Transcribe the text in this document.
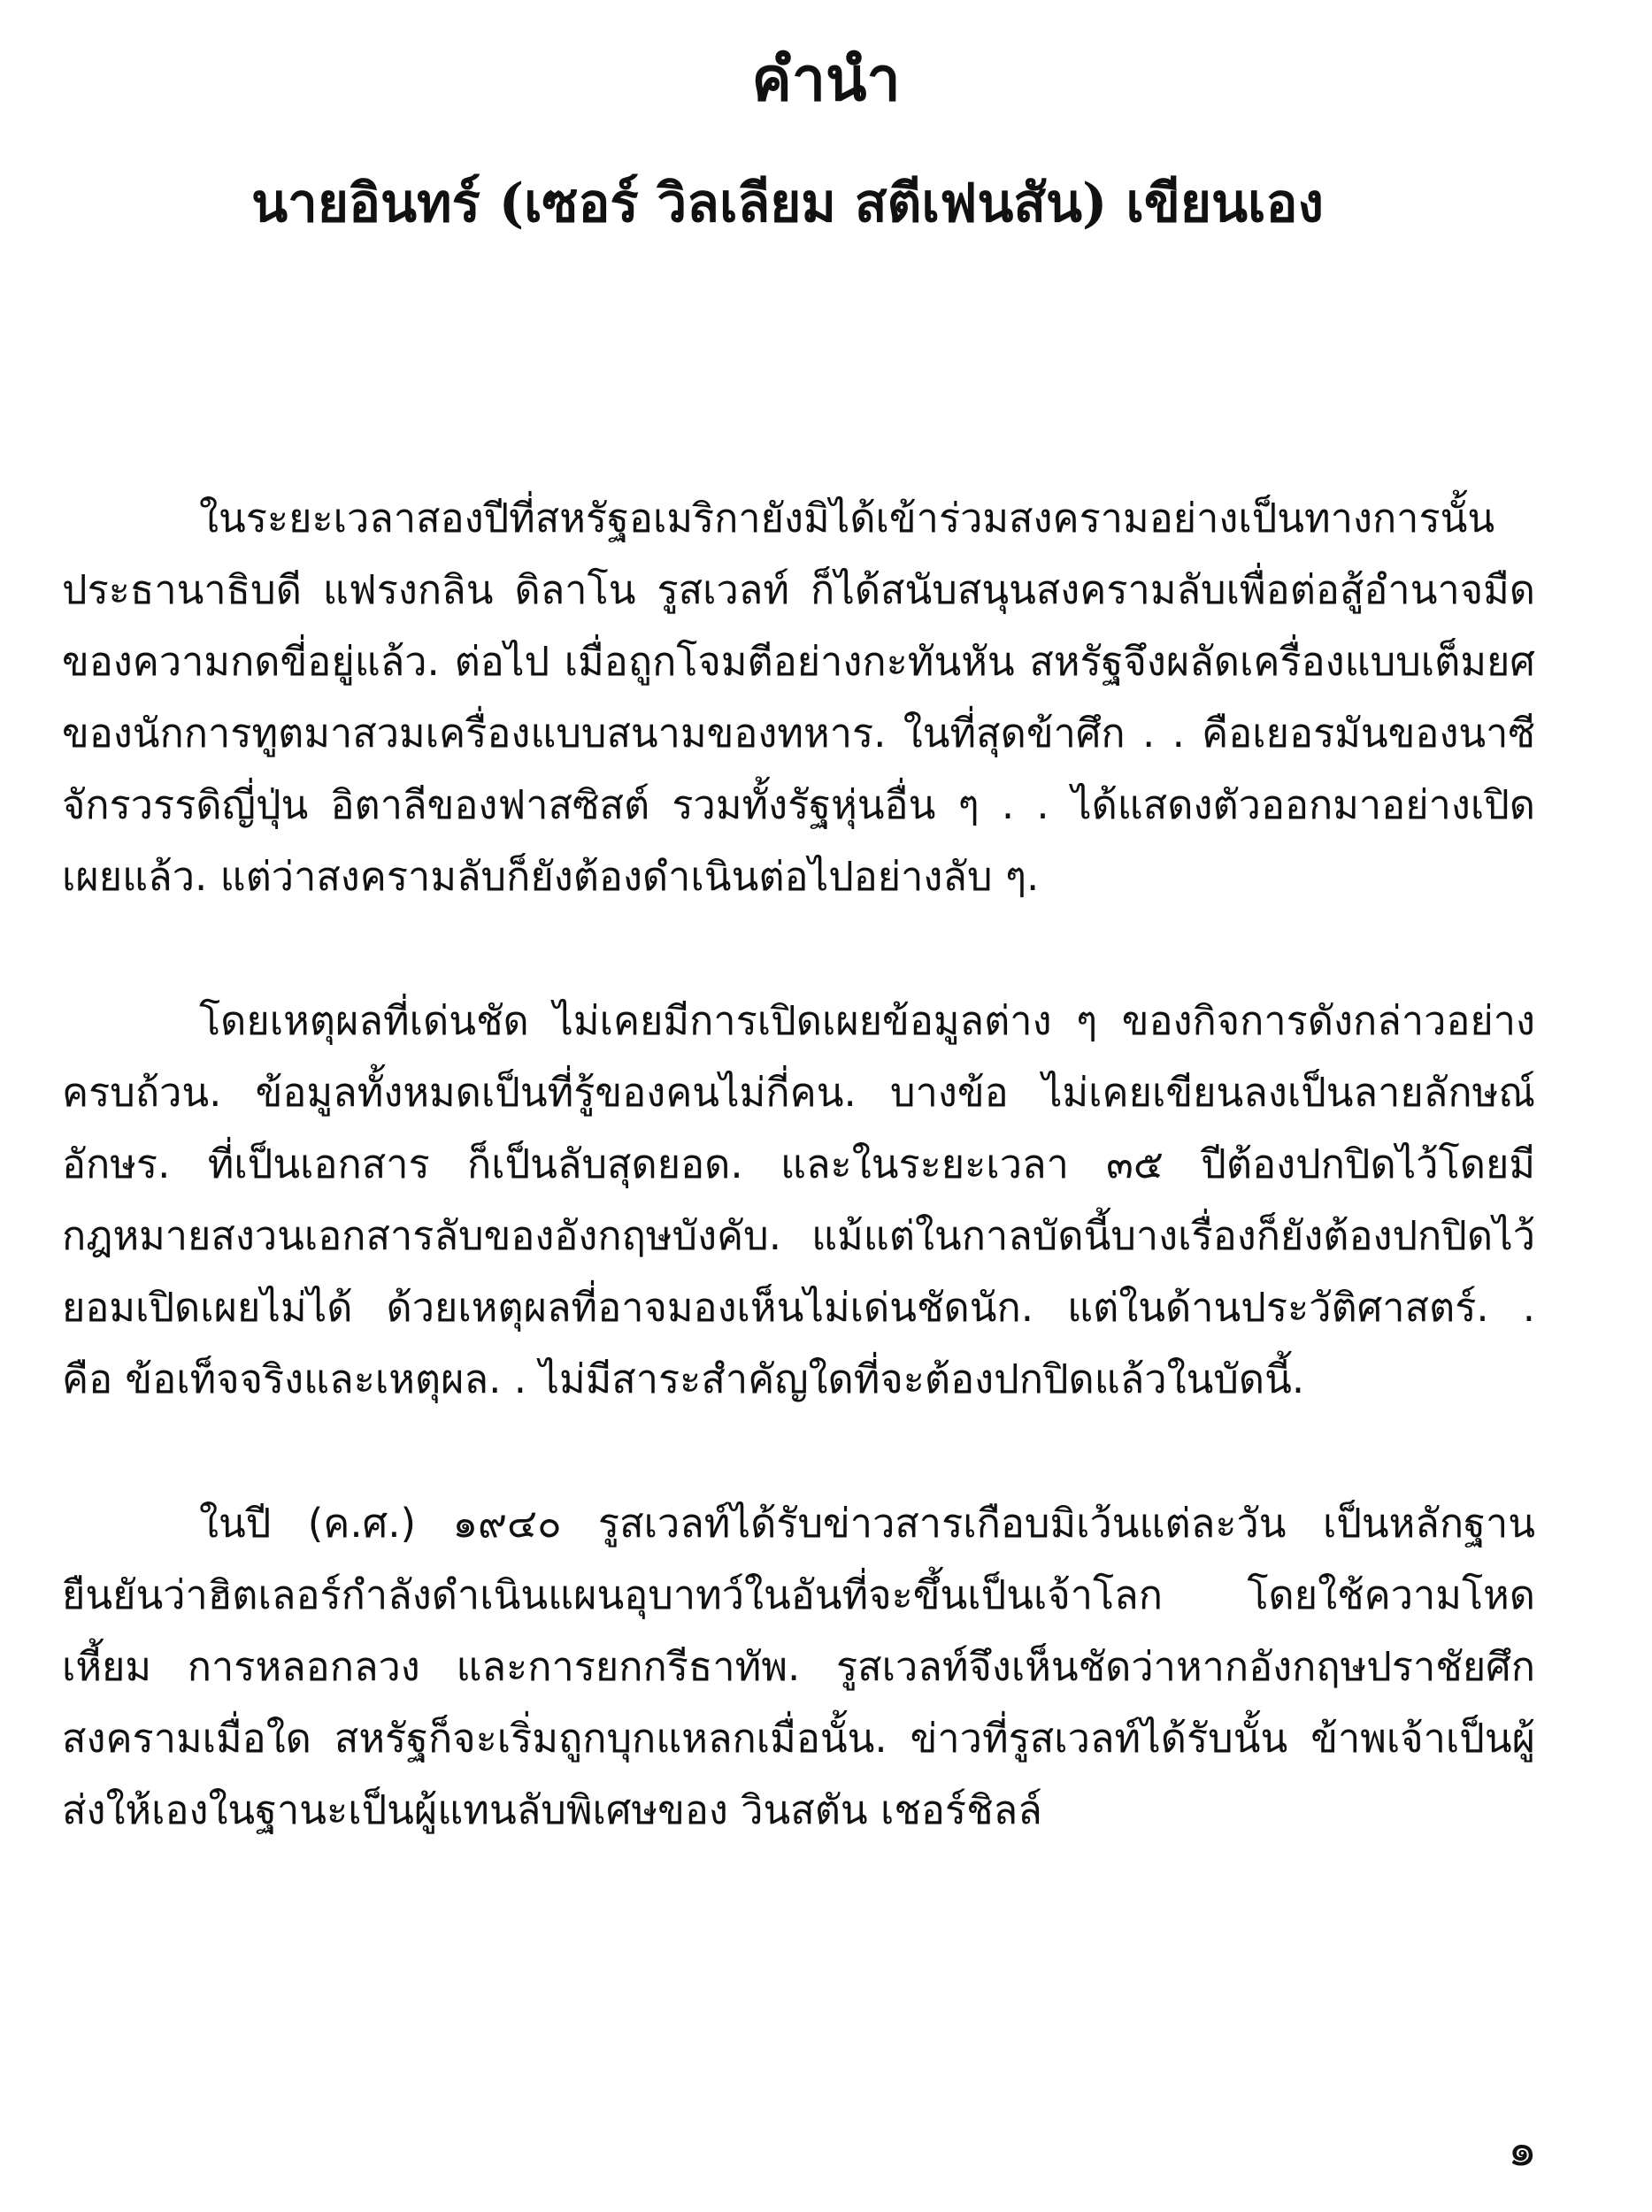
คำนำ
นายอินทร์ (เซอร์ วิลเลียม สตีเฟนสัน) เขียนเอง

ในระยะเวลาสองปีที่สหรัฐอเมริกายังมิได้เข้าร่วมสงครามอย่างเป็นทางการนั้น ประธานาธิบดี แฟรงกลิน ดิลาโน รูสเวลท์ ก็ได้สนับสนุนสงครามลับเพื่อต่อสู้อำนาจมืดของความกดขี่อยู่แล้ว. ต่อไป เมื่อถูกโจมตีอย่างกะทันหัน สหรัฐจึงผลัดเครื่องแบบเต็มยศของนักการทูตมาสวมเครื่องแบบสนามของทหาร. ในที่สุดข้าศึก . . คือเยอรมันของนาซี จักรวรรดิญี่ปุ่น อิตาลีของฟาสซิสต์ รวมทั้งรัฐหุ่นอื่น ๆ . . ได้แสดงตัวออกมาอย่างเปิดเผยแล้ว. แต่ว่าสงครามลับก็ยังต้องดำเนินต่อไปอย่างลับ ๆ.

โดยเหตุผลที่เด่นชัด ไม่เคยมีการเปิดเผยข้อมูลต่าง ๆ ของกิจการดังกล่าวอย่างครบถ้วน. ข้อมูลทั้งหมดเป็นที่รู้ของคนไม่กี่คน. บางข้อ ไม่เคยเขียนลงเป็นลายลักษณ์อักษร. ที่เป็นเอกสาร ก็เป็นลับสุดยอด. และในระยะเวลา ๓๕ ปีต้องปกปิดไว้โดยมีกฎหมายสงวนเอกสารลับของอังกฤษบังคับ. แม้แต่ในกาลบัดนี้บางเรื่องก็ยังต้องปกปิดไว้ ยอมเปิดเผยไม่ได้ ด้วยเหตุผลที่อาจมองเห็นไม่เด่นชัดนัก. แต่ในด้านประวัติศาสตร์. . คือ ข้อเท็จจริงและเหตุผล. . ไม่มีสาระสำคัญใดที่จะต้องปกปิดแล้วในบัดนี้.

ในปี (ค.ศ.) ๑๙๔๐ รูสเวลท์ได้รับข่าวสารเกือบมิเว้นแต่ละวัน เป็นหลักฐานยืนยันว่าฮิตเลอร์กำลังดำเนินแผนอุบาทว์ในอันที่จะขึ้นเป็นเจ้าโลก โดยใช้ความโหดเหี้ยม การหลอกลวง และการยกกรีธาทัพ. รูสเวลท์จึงเห็นชัดว่าหากอังกฤษปราชัยศึกสงครามเมื่อใด สหรัฐก็จะเริ่มถูกบุกแหลกเมื่อนั้น. ข่าวที่รูสเวลท์ได้รับนั้น ข้าพเจ้าเป็นผู้ส่งให้เองในฐานะเป็นผู้แทนลับพิเศษของ วินสตัน เชอร์ชิลล์

๑
